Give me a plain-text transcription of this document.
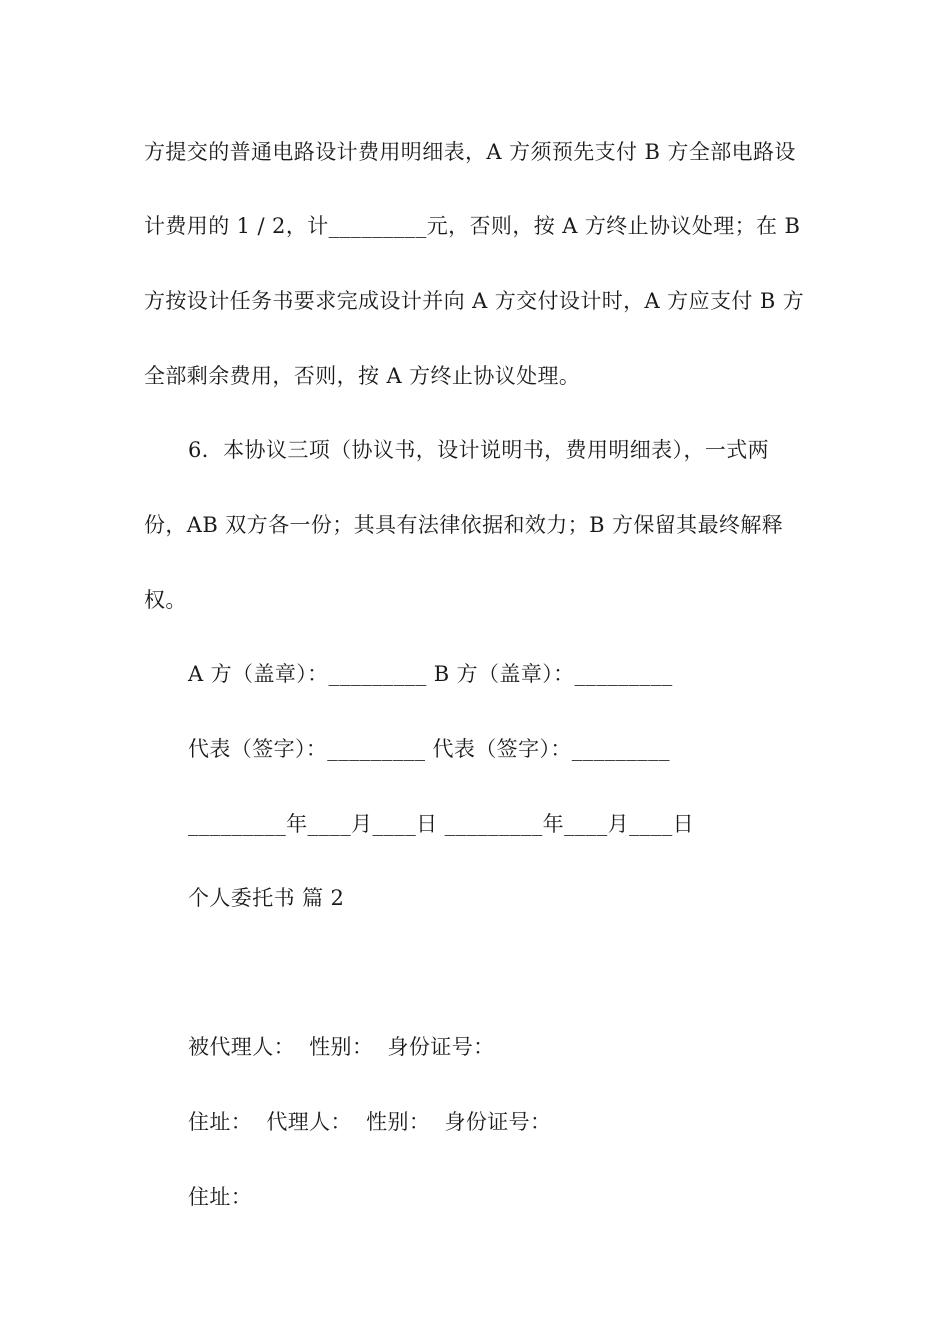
方提交的普通电路设计费用明细表，A 方须预先支付 B 方全部电路设
计费用的 1 / 2，计_________元，否则，按 A 方终止协议处理；在 B
方按设计任务书要求完成设计并向 A 方交付设计时，A 方应支付 B 方
全部剩余费用，否则，按 A 方终止协议处理。
6．本协议三项（协议书，设计说明书，费用明细表），一式两
份，AB 双方各一份；其具有法律依据和效力；B 方保留其最终解释
权。
A 方（盖章）：_________ B 方（盖章）：_________
代表（签字）：_________ 代表（签字）：_________
_________年____月____日 _________年____月____日
个人委托书 篇 2
被代理人：  性别：  身份证号：
住址：  代理人：  性别：  身份证号：
住址：
